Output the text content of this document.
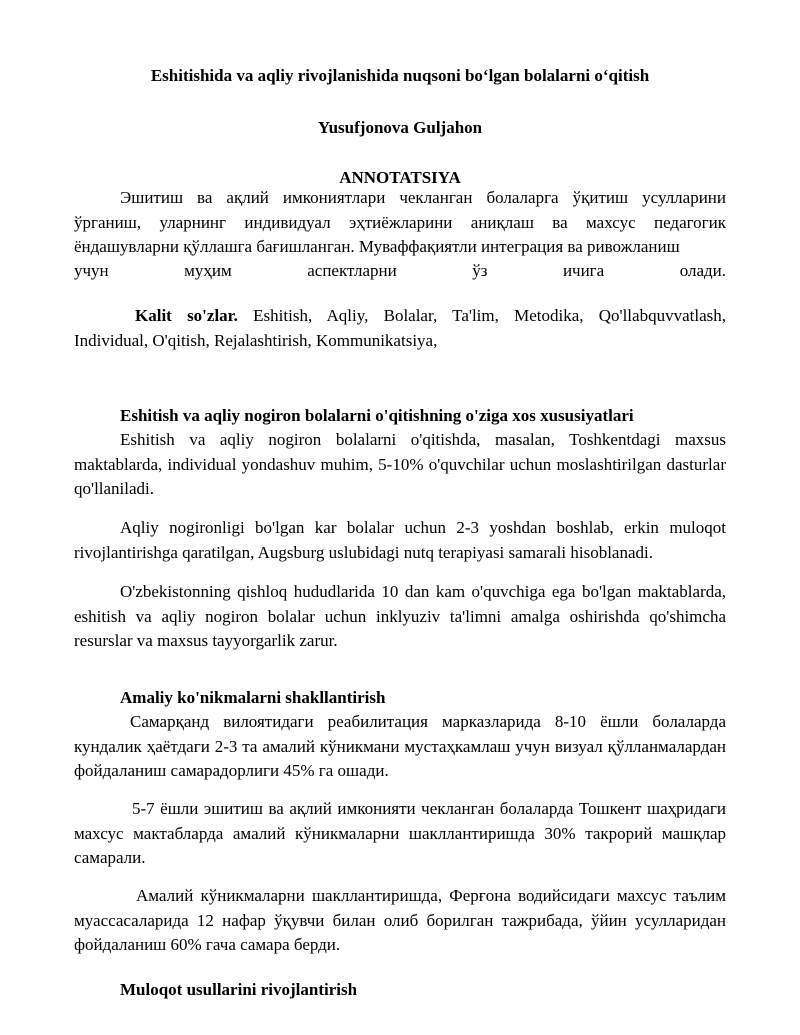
Eshitishida va aqliy rivojlanishida nuqsoni bo‘lgan bolalarni o‘qitish
Yusufjonova Guljahon
ANNOTATSIYA
Эшитиш ва ақлий имкониятлари чекланган болаларга ўқитиш усулларини ўрганиш, уларнинг индивидуал эҳтиёжларини аниқлаш ва махсус педагогик ёндашувларни қўллашга бағишланган. Муваффақиятли интеграция ва ривожланиш
учун муҳим аспектларни ўз ичига олади.
Kalit so'zlar. Eshitish, Aqliy, Bolalar, Ta'lim, Metodika, Qo'llabquvvatlash, Individual, O'qitish, Rejalashtirish, Kommunikatsiya,
Eshitish va aqliy nogiron bolalarni o'qitishning o'ziga xos xususiyatlari
Eshitish va aqliy nogiron bolalarni o'qitishda, masalan, Toshkentdagi maxsus maktablarda, individual yondashuv muhim, 5-10% o'quvchilar uchun moslashtirilgan dasturlar qo'llaniladi.
Aqliy nogironligi bo'lgan kar bolalar uchun 2-3 yoshdan boshlab, erkin muloqot rivojlantirishga qaratilgan, Augsburg uslubidagi nutq terapiyasi samarali hisoblanadi.
O'zbekistonning qishloq hududlarida 10 dan kam o'quvchiga ega bo'lgan maktablarda, eshitish va aqliy nogiron bolalar uchun inklyuziv ta'limni amalga oshirishda qo'shimcha resurslar va maxsus tayyorgarlik zarur.
Amaliy ko'nikmalarni shakllantirish
Самарқанд вилоятидаги реабилитация марказларида 8-10 ёшли болаларда кундалик ҳаётдаги 2-3 та амалий кўникмани мустаҳкамлаш учун визуал қўлланмалардан фойдаланиш самарадорлиги 45% га ошади.
5-7 ёшли эшитиш ва ақлий имконияти чекланган болаларда Тошкент шаҳридаги махсус мактабларда амалий кўникмаларни шакллантиришда 30% такрорий машқлар самарали.
Амалий кўникмаларни шакллантиришда, Ферғона водийсидаги махсус таълим муассасаларида 12 нафар ўқувчи билан олиб борилган тажрибада, ўйин усулларидан фойдаланиш 60% гача самара берди.
Muloqot usullarini rivojlantirish
